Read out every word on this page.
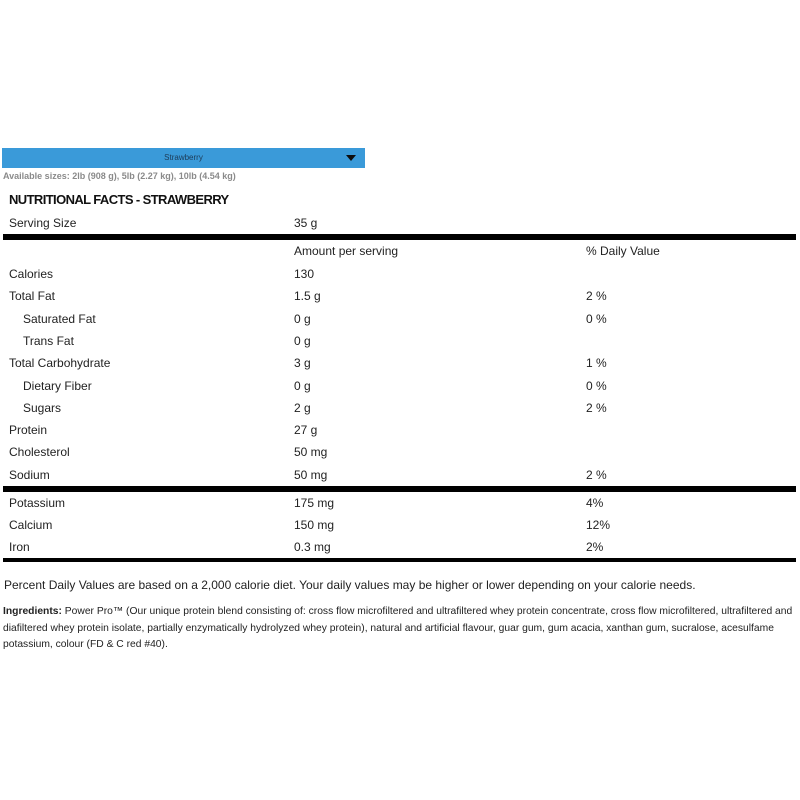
Strawberry
Available sizes: 2lb (908 g), 5lb (2.27 kg), 10lb (4.54 kg)
NUTRITIONAL FACTS - STRAWBERRY
Serving Size	35 g
Amount per serving	% Daily Value
Calories	130
Total Fat	1.5 g	2 %
Saturated Fat	0 g	0 %
Trans Fat	0 g
Total Carbohydrate	3 g	1 %
Dietary Fiber	0 g	0 %
Sugars	2 g	2 %
Protein	27 g
Cholesterol	50 mg
Sodium	50 mg	2 %
Potassium	175 mg	4%
Calcium	150 mg	12%
Iron	0.3 mg	2%
Percent Daily Values are based on a 2,000 calorie diet. Your daily values may be higher or lower depending on your calorie needs.
Ingredients: Power Pro™ (Our unique protein blend consisting of: cross flow microfiltered and ultrafiltered whey protein concentrate, cross flow microfiltered, ultrafiltered and diafiltered whey protein isolate, partially enzymatically hydrolyzed whey protein), natural and artificial flavour, guar gum, gum acacia, xanthan gum, sucralose, acesulfame potassium, colour (FD & C red #40).
